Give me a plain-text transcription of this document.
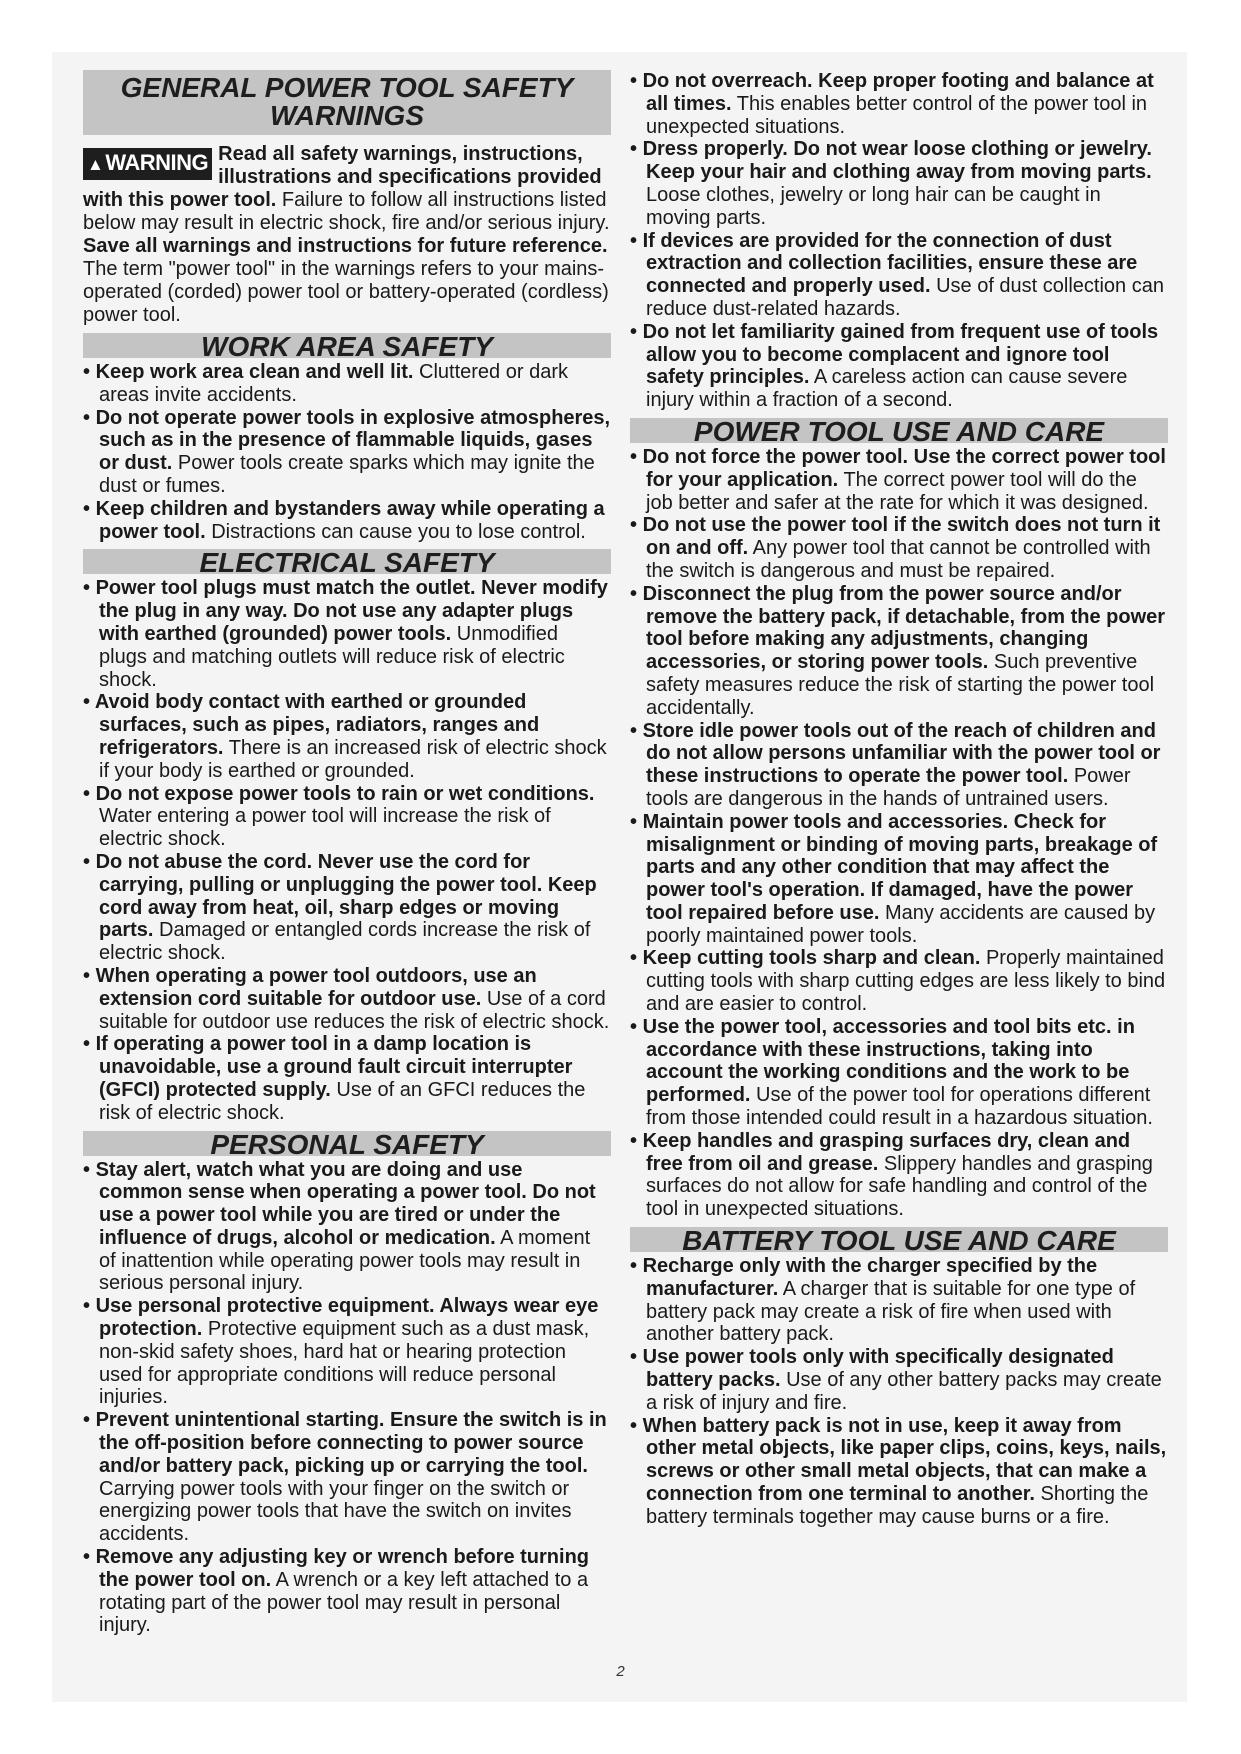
GENERAL POWER TOOL SAFETY WARNINGS
▲WARNING Read all safety warnings, instructions, illustrations and specifications provided with this power tool. Failure to follow all instructions listed below may result in electric shock, fire and/or serious injury. Save all warnings and instructions for future reference. The term "power tool" in the warnings refers to your mains-operated (corded) power tool or battery-operated (cordless) power tool.
WORK AREA SAFETY
• Keep work area clean and well lit. Cluttered or dark areas invite accidents.
• Do not operate power tools in explosive atmospheres, such as in the presence of flammable liquids, gases or dust. Power tools create sparks which may ignite the dust or fumes.
• Keep children and bystanders away while operating a power tool. Distractions can cause you to lose control.
ELECTRICAL SAFETY
• Power tool plugs must match the outlet. Never modify the plug in any way. Do not use any adapter plugs with earthed (grounded) power tools. Unmodified plugs and matching outlets will reduce risk of electric shock.
• Avoid body contact with earthed or grounded surfaces, such as pipes, radiators, ranges and refrigerators. There is an increased risk of electric shock if your body is earthed or grounded.
• Do not expose power tools to rain or wet conditions. Water entering a power tool will increase the risk of electric shock.
• Do not abuse the cord. Never use the cord for carrying, pulling or unplugging the power tool. Keep cord away from heat, oil, sharp edges or moving parts. Damaged or entangled cords increase the risk of electric shock.
• When operating a power tool outdoors, use an extension cord suitable for outdoor use. Use of a cord suitable for outdoor use reduces the risk of electric shock.
• If operating a power tool in a damp location is unavoidable, use a ground fault circuit interrupter (GFCI) protected supply. Use of an GFCI reduces the risk of electric shock.
PERSONAL SAFETY
• Stay alert, watch what you are doing and use common sense when operating a power tool. Do not use a power tool while you are tired or under the influence of drugs, alcohol or medication. A moment of inattention while operating power tools may result in serious personal injury.
• Use personal protective equipment. Always wear eye protection. Protective equipment such as a dust mask, non-skid safety shoes, hard hat or hearing protection used for appropriate conditions will reduce personal injuries.
• Prevent unintentional starting. Ensure the switch is in the off-position before connecting to power source and/or battery pack, picking up or carrying the tool. Carrying power tools with your finger on the switch or energizing power tools that have the switch on invites accidents.
• Remove any adjusting key or wrench before turning the power tool on. A wrench or a key left attached to a rotating part of the power tool may result in personal injury.
• Do not overreach. Keep proper footing and balance at all times. This enables better control of the power tool in unexpected situations.
• Dress properly. Do not wear loose clothing or jewelry. Keep your hair and clothing away from moving parts. Loose clothes, jewelry or long hair can be caught in moving parts.
• If devices are provided for the connection of dust extraction and collection facilities, ensure these are connected and properly used. Use of dust collection can reduce dust-related hazards.
• Do not let familiarity gained from frequent use of tools allow you to become complacent and ignore tool safety principles. A careless action can cause severe injury within a fraction of a second.
POWER TOOL USE AND CARE
• Do not force the power tool. Use the correct power tool for your application. The correct power tool will do the job better and safer at the rate for which it was designed.
• Do not use the power tool if the switch does not turn it on and off. Any power tool that cannot be controlled with the switch is dangerous and must be repaired.
• Disconnect the plug from the power source and/or remove the battery pack, if detachable, from the power tool before making any adjustments, changing accessories, or storing power tools. Such preventive safety measures reduce the risk of starting the power tool accidentally.
• Store idle power tools out of the reach of children and do not allow persons unfamiliar with the power tool or these instructions to operate the power tool. Power tools are dangerous in the hands of untrained users.
• Maintain power tools and accessories. Check for misalignment or binding of moving parts, breakage of parts and any other condition that may affect the power tool's operation. If damaged, have the power tool repaired before use. Many accidents are caused by poorly maintained power tools.
• Keep cutting tools sharp and clean. Properly maintained cutting tools with sharp cutting edges are less likely to bind and are easier to control.
• Use the power tool, accessories and tool bits etc. in accordance with these instructions, taking into account the working conditions and the work to be performed. Use of the power tool for operations different from those intended could result in a hazardous situation.
• Keep handles and grasping surfaces dry, clean and free from oil and grease. Slippery handles and grasping surfaces do not allow for safe handling and control of the tool in unexpected situations.
BATTERY TOOL USE AND CARE
• Recharge only with the charger specified by the manufacturer. A charger that is suitable for one type of battery pack may create a risk of fire when used with another battery pack.
• Use power tools only with specifically designated battery packs. Use of any other battery packs may create a risk of injury and fire.
• When battery pack is not in use, keep it away from other metal objects, like paper clips, coins, keys, nails, screws or other small metal objects, that can make a connection from one terminal to another. Shorting the battery terminals together may cause burns or a fire.
2
